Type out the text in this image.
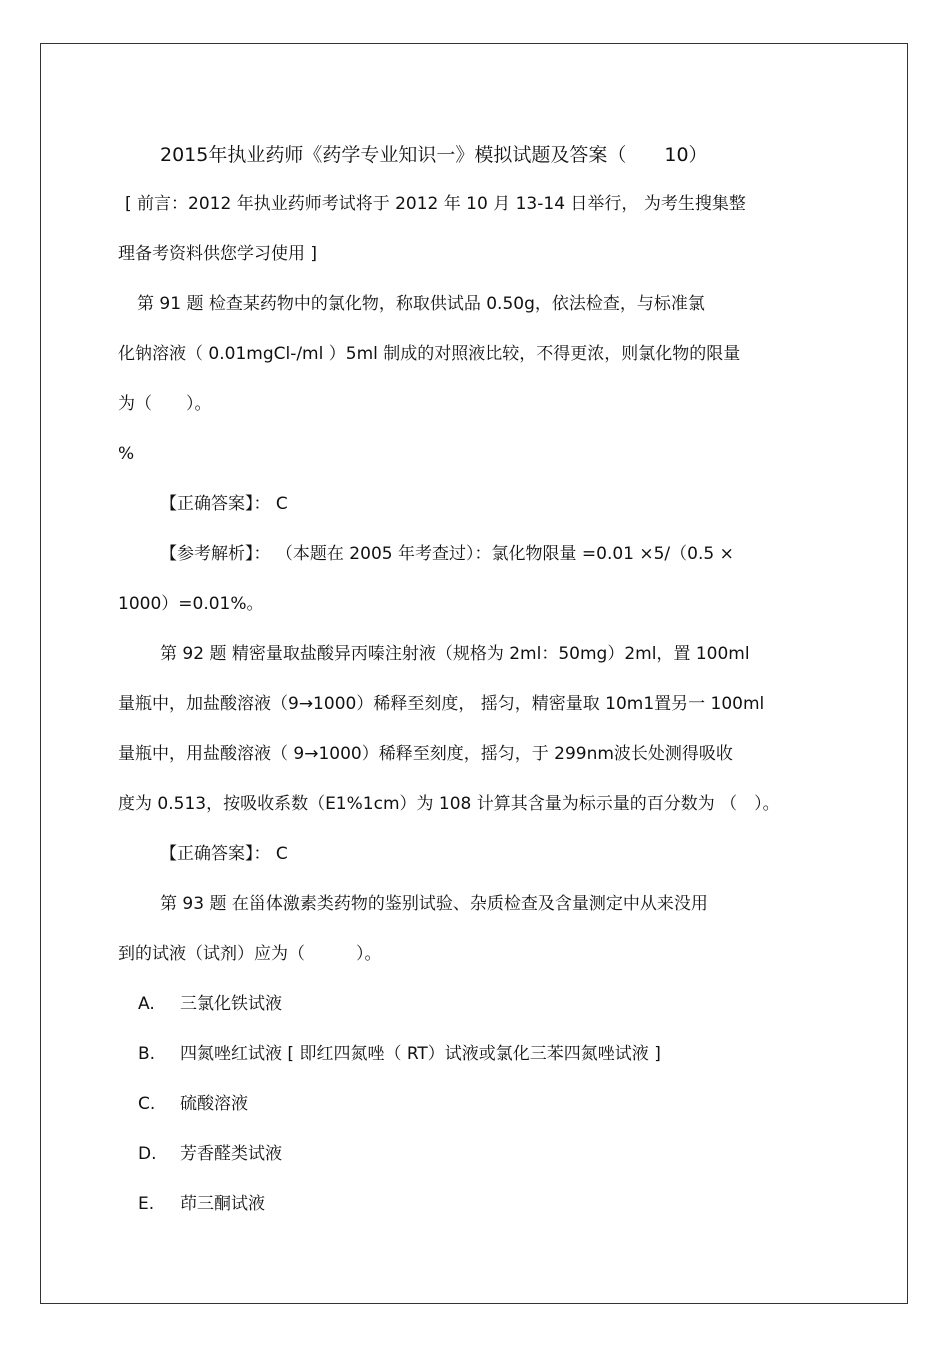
2015年执业药师《药学专业知识一》模拟试题及答案（　　10）
[ 前言：2012 年执业药师考试将于 2012 年 10 月 13-14 日举行， 为考生搜集整
理备考资料供您学习使用 ]
第 91 题 检查某药物中的氯化物，称取供试品 0.50g，依法检查，与标准氯
化钠溶液（ 0.01mgCl-/ml ）5ml 制成的对照液比较，不得更浓，则氯化物的限量
为（　　）。
%
【正确答案】： C
【参考解析】： （本题在 2005 年考查过）：氯化物限量 =0.01 ×5/（0.5 ×
1000）=0.01%。
第 92 题 精密量取盐酸异丙嗪注射液（规格为 2ml：50mg）2ml，置 100ml
量瓶中，加盐酸溶液（9→1000）稀释至刻度， 摇匀，精密量取 10m1置另一 100ml
量瓶中，用盐酸溶液（ 9→1000）稀释至刻度，摇匀，于 299nm波长处测得吸收
度为 0.513，按吸收系数（E1%1cm）为 108 计算其含量为标示量的百分数为 （　）。
【正确答案】： C
第 93 题 在甾体激素类药物的鉴别试验、杂质检查及含量测定中从来没用
到的试液（试剂）应为（　　　）。
A. 三氯化铁试液
B. 四氮唑红试液 [ 即红四氮唑（ RT）试液或氯化三苯四氮唑试液 ]
C. 硫酸溶液
D. 芳香醛类试液
E. 茚三酮试液
